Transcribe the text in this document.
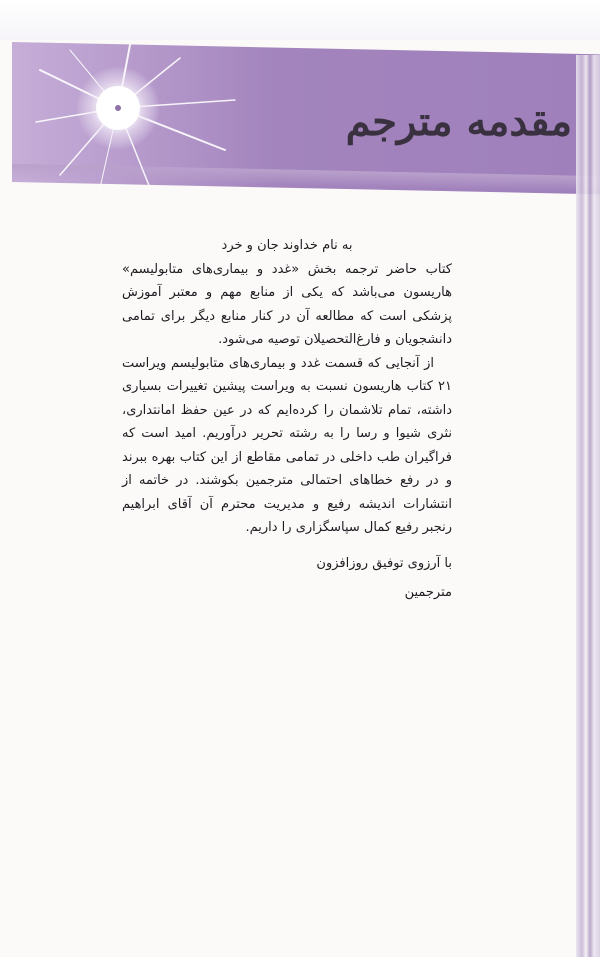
مقدمه مترجم

به نام خداوند جان و خرد

کتاب حاضر ترجمه بخش «غدد و بیماری‌های متابولیسم» هاریسون می‌باشد که یکی از منابع مهم و معتبر آموزش پزشکی است که مطالعه آن در کنار منابع دیگر برای تمامی دانشجویان و فارغ‌التحصیلان توصیه می‌شود.

از آنجایی که قسمت غدد و بیماری‌های متابولیسم ویراست ۲۱ کتاب هاریسون نسبت به ویراست پیشین تغییرات بسیاری داشته، تمام تلاشمان را کرده‌ایم که در عین حفظ امانتداری، نثری شیوا و رسا را به رشته تحریر درآوریم. امید است که فراگیران طب داخلی در تمامی مقاطع از این کتاب بهره ببرند و در رفع خطاهای احتمالی مترجمین بکوشند. در خاتمه از انتشارات اندیشه رفیع و مدیریت محترم آن آقای ابراهیم رنجبر رفیع کمال سپاسگزاری را داریم.

با آرزوی توفیق روزافزون

مترجمین
